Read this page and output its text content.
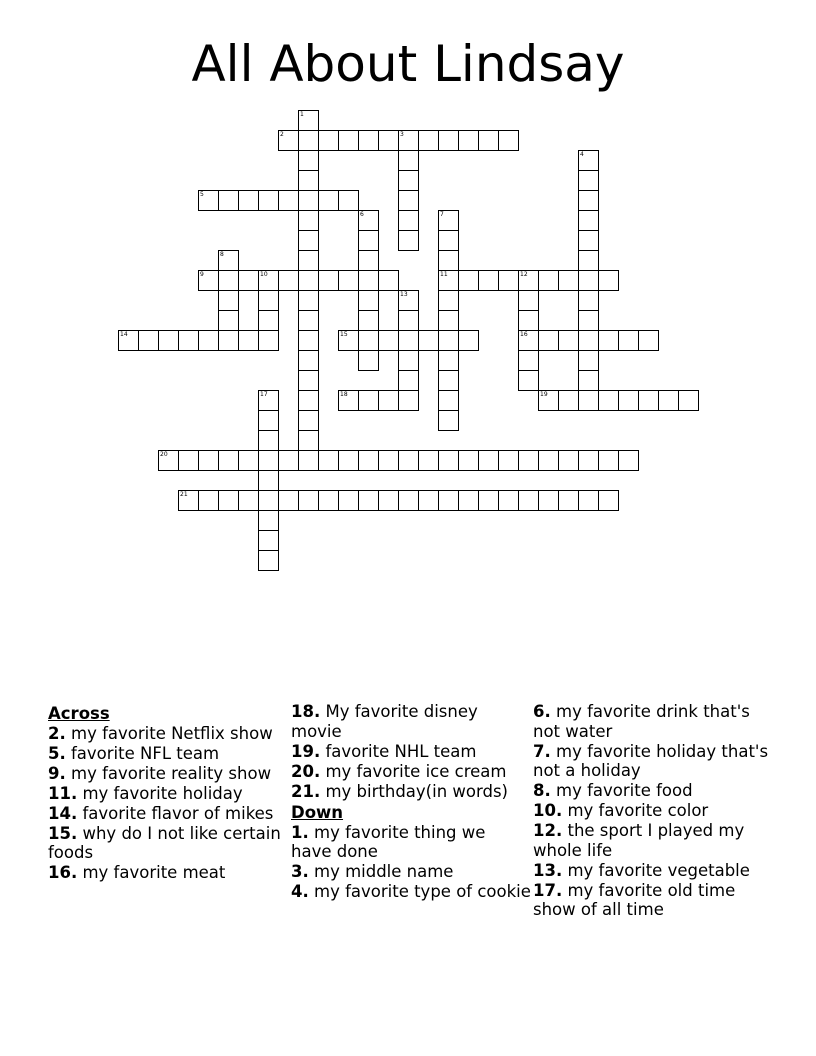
All About Lindsay
2	3
5
9	10	11	12
14	15	16
18	19
20
21
1
4
6	7
8
13
17
Across
2. my favorite Netflix show
5. favorite NFL team
9. my favorite reality show
11. my favorite holiday
14. favorite flavor of mikes
15. why do I not like certain foods
16. my favorite meat
18. My favorite disney movie
19. favorite NHL team
20. my favorite ice cream
21. my birthday(in words)
Down
1. my favorite thing we have done
3. my middle name
4. my favorite type of cookie
6. my favorite drink that's not water
7. my favorite holiday that's not a holiday
8. my favorite food
10. my favorite color
12. the sport I played my whole life
13. my favorite vegetable
17. my favorite old time show of all time
